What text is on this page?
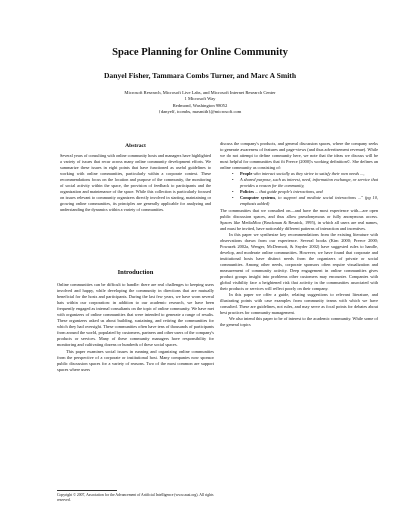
Space Planning for Online Community
Danyel Fisher, Tammara Combs Turner, and Marc A Smith
Microsoft Research, Microsoft Live Labs, and Microsoft Internet Research Center
1 Microsoft Way
Redmond, Washington 98052
{danyelf, tcombs, masmith}@microsoft.com
Abstract
Several years of consulting with online community hosts and managers have highlighted a variety of issues that recur across many online community development efforts. We summarize these issues in eight points that have functioned as useful guidelines to working with online communities, particularly within a corporate context. These recommendations focus on the location and purpose of the community, the monitoring of social activity within the space, the provision of feedback to participants and the organization and maintenance of the space. While this collection is particularly focused on issues relevant to community organizers directly involved in starting, maintaining or growing online communities, its principles are generally applicable for analyzing and understanding the dynamics within a variety of communities.
Introduction

Online communities can be difficult to handle: there are real challenges to keeping users involved and happy, while developing the community in directions that are mutually beneficial for the hosts and participants. During the last few years, we have worn several hats within our corporation: in addition to our academic research, we have been frequently engaged as internal consultants on the topic of online community. We have met with organizers of online communities that were intended to generate a range of results. These organizers asked us about building, sustaining, and retiring the communities for which they had oversight. These communities often have tens of thousands of participants from around the world, populated by customers, partners and other users of the company's products or services. Many of these community managers have responsibility for monitoring and cultivating dozens or hundreds of these social spaces.

This paper examines social issues in running and organizing online communities from the perspective of a corporate or institutional host. Many companies now sponsor public discussion spaces for a variety of reasons. Two of the most common are support spaces where users

Copyright © 2007, Association for the Advancement of Artificial Intelligence (www.aaai.org). All rights reserved.

discuss the company's products, and general discussion spaces, where the company seeks to generate awareness of features and page-views (and thus advertisement revenue). While we do not attempt to define community here, we note that the ideas we discuss will be most helpful for communities that fit Preece (2000)'s working definition©. She defines an online community as consisting of:

• People who interact socially as they strive to satisfy their own needs ...,
• A shared purpose, such as interest, need, information exchange, or service that provides a reason for the community,
• Policies ... that guide people's interactions, and
• Computer systems, to support and mediate social interactions ..." (pg 10, emphasis added)

The communities that we consulted on—and have the most experience with—are open public discussion spaces, and thus allow pseudonymous or fully anonymous access. Spaces like MediaMoo (Bruckman & Resnick, 1995), in which all users are real names, and must be invited, have noticeably different patterns of interaction and incentives.

In this paper we synthesize key recommendations from the existing literature with observations drawn from our experience. Several books (Kim 2000; Preece 2000; Powazek 2002a, Wenger, McDermott, & Snyder 2002) have suggested rules to handle, develop, and moderate online communities. However, we have found that corporate and institutional hosts have distinct needs from the organizers of private or social communities. Among other needs, corporate sponsors often require visualization and measurement of community activity. Deep engagement in online communities gives product groups insight into problems other customers may encounter. Companies with global visibility face a heightened risk that activity in the communities associated with their products or services will reflect poorly on their company.

In this paper we offer a guide, relating suggestions to relevant literature, and illustrating points with case examples from community teams with which we have consulted. These are guidelines, not rules, and may serve as focal points for debates about best practices for community management.

We also intend this paper to be of interest to the academic community. While some of the general topics
